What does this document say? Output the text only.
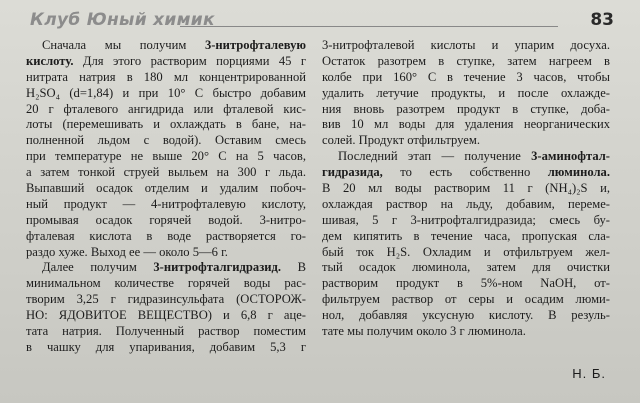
Клуб Юный химик	83
Сначала мы получим 3-нитрофталевую
кислоту. Для этого растворим порциями 45 г
нитрата натрия в 180 мл концентрированной
H₂SO₄ (d=1,84) и при 10° С быстро добавим
20 г фталевого ангидрида или фталевой кис-
лоты (перемешивать и охлаждать в бане, на-
полненной льдом с водой). Оставим смесь
при температуре не выше 20° С на 5 часов,
а затем тонкой струей выльем на 300 г льда.
Выпавший осадок отделим и удалим побоч-
ный продукт — 4-нитрофталевую кислоту,
промывая осадок горячей водой. 3-нитро-
фталевая кислота в воде растворяется го-
раздо хуже. Выход ее — около 5—6 г.
Далее получим 3-нитрофталгидразид. В
минимальном количестве горячей воды рас-
творим 3,25 г гидразинсульфата (ОСТОРОЖ-
НО: ЯДОВИТОЕ ВЕЩЕСТВО) и 6,8 г аце-
тата натрия. Полученный раствор поместим
в чашку для упаривания, добавим 5,3 г
3-нитрофталевой кислоты и упарим досуха.
Остаток разотрем в ступке, затем нагреем в
колбе при 160° С в течение 3 часов, чтобы
удалить летучие продукты, и после охлажде-
ния вновь разотрем продукт в ступке, доба-
вив 10 мл воды для удаления неорганических
солей. Продукт отфильтруем.
Последний этап — получение 3-аминофтал-
гидразида, то есть собственно люминола.
В 20 мл воды растворим 11 г (NH₄)₂S и,
охлаждая раствор на льду, добавим, переме-
шивая, 5 г 3-нитрофталгидразида; смесь бу-
дем кипятить в течение часа, пропуская сла-
бый ток H₂S. Охладим и отфильтруем жел-
тый осадок люминола, затем для очистки
растворим продукт в 5%-ном NaOH, от-
фильтруем раствор от серы и осадим люми-
нол, добавляя уксусную кислоту. В резуль-
тате мы получим около 3 г люминола.
Н. Б.
